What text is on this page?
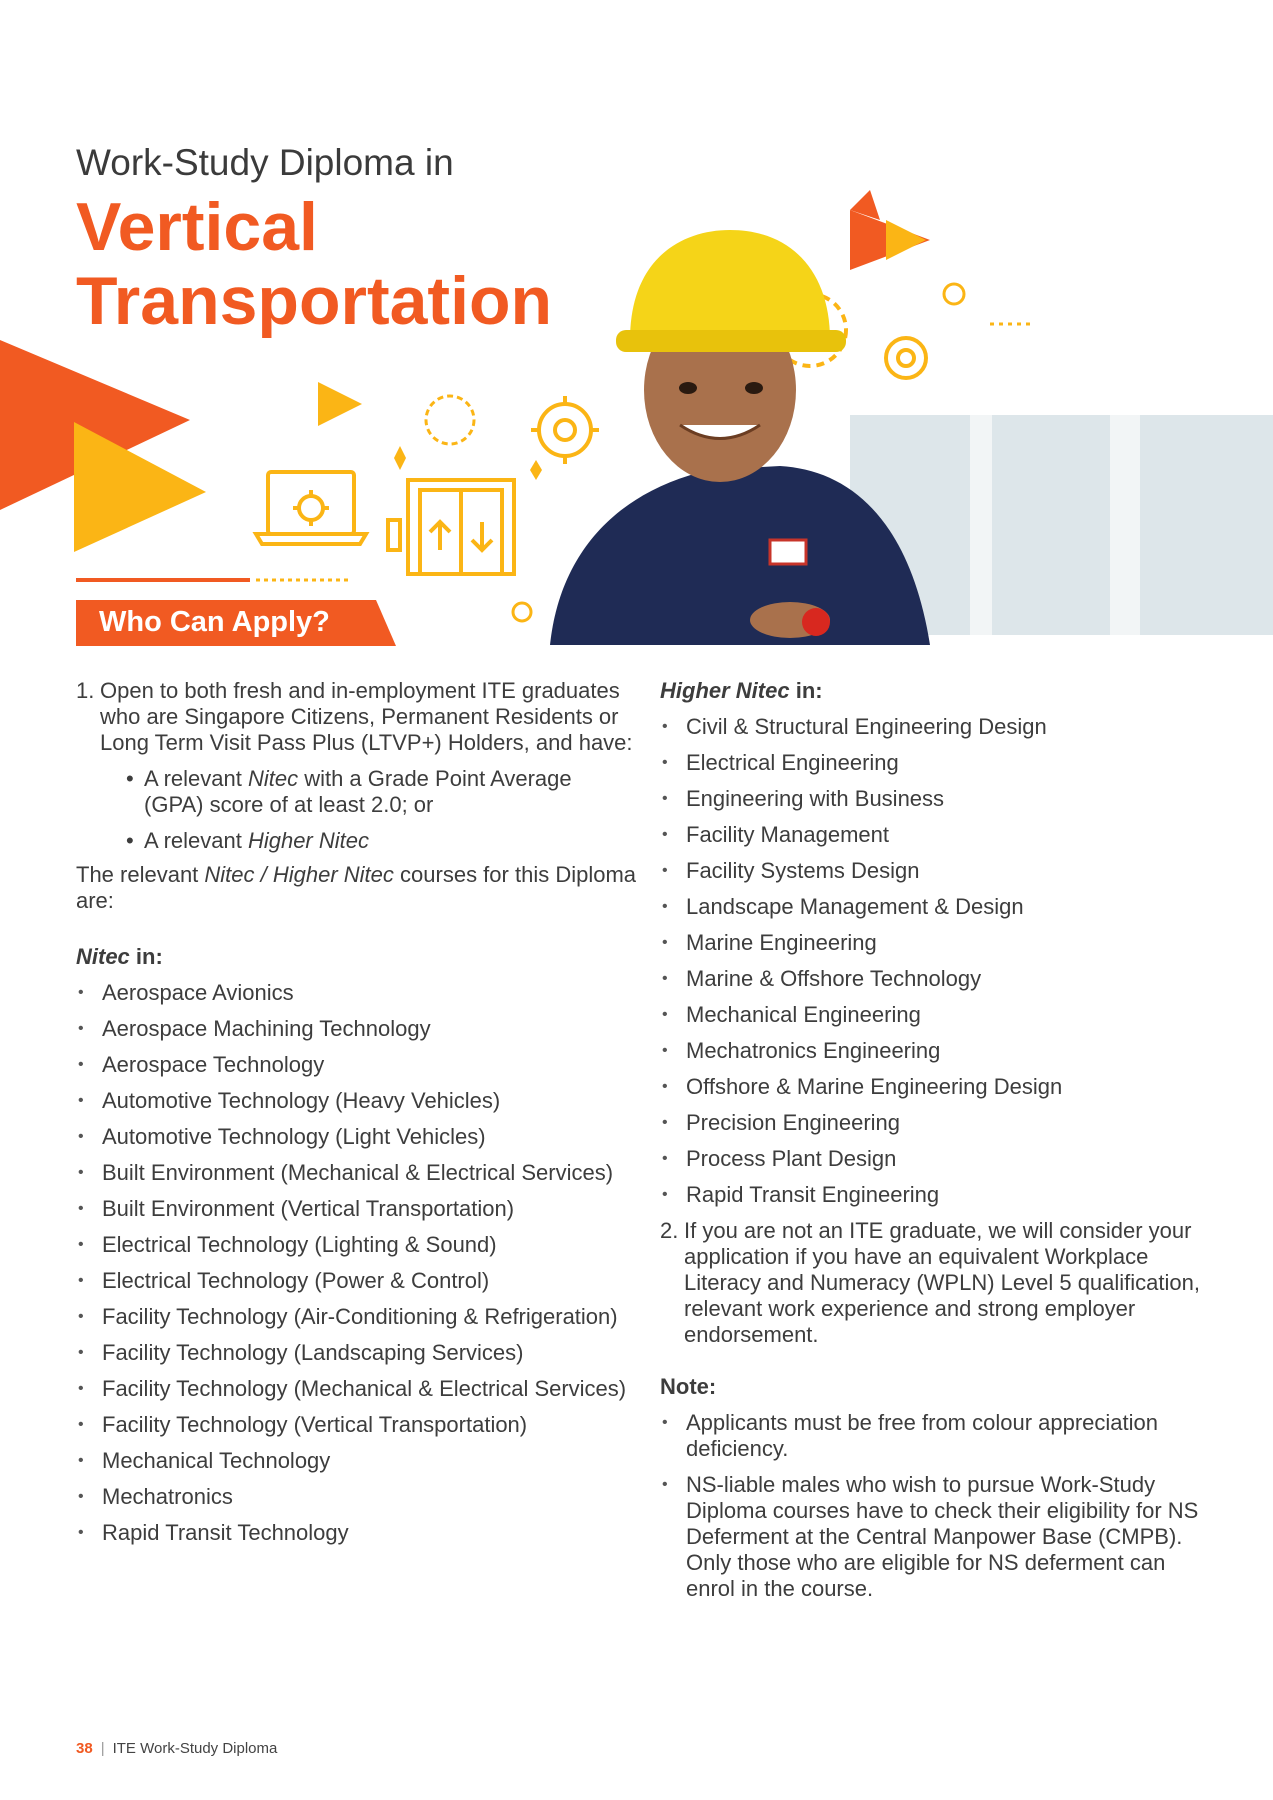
Work-Study Diploma in
Vertical
Transportation
Who Can Apply?
1. Open to both fresh and in-employment ITE graduates who are Singapore Citizens, Permanent Residents or Long Term Visit Pass Plus (LTVP+) Holders, and have:
• A relevant Nitec with a Grade Point Average (GPA) score of at least 2.0; or
• A relevant Higher Nitec
The relevant Nitec / Higher Nitec courses for this Diploma are:
Nitec in:
• Aerospace Avionics
• Aerospace Machining Technology
• Aerospace Technology
• Automotive Technology (Heavy Vehicles)
• Automotive Technology (Light Vehicles)
• Built Environment (Mechanical & Electrical Services)
• Built Environment (Vertical Transportation)
• Electrical Technology (Lighting & Sound)
• Electrical Technology (Power & Control)
• Facility Technology (Air-Conditioning & Refrigeration)
• Facility Technology (Landscaping Services)
• Facility Technology (Mechanical & Electrical Services)
• Facility Technology (Vertical Transportation)
• Mechanical Technology
• Mechatronics
• Rapid Transit Technology
Higher Nitec in:
• Civil & Structural Engineering Design
• Electrical Engineering
• Engineering with Business
• Facility Management
• Facility Systems Design
• Landscape Management & Design
• Marine Engineering
• Marine & Offshore Technology
• Mechanical Engineering
• Mechatronics Engineering
• Offshore & Marine Engineering Design
• Precision Engineering
• Process Plant Design
• Rapid Transit Engineering
2. If you are not an ITE graduate, we will consider your application if you have an equivalent Workplace Literacy and Numeracy (WPLN) Level 5 qualification, relevant work experience and strong employer endorsement.
Note:
• Applicants must be free from colour appreciation deficiency.
• NS-liable males who wish to pursue Work-Study Diploma courses have to check their eligibility for NS Deferment at the Central Manpower Base (CMPB). Only those who are eligible for NS deferment can enrol in the course.
38 | ITE Work-Study Diploma
